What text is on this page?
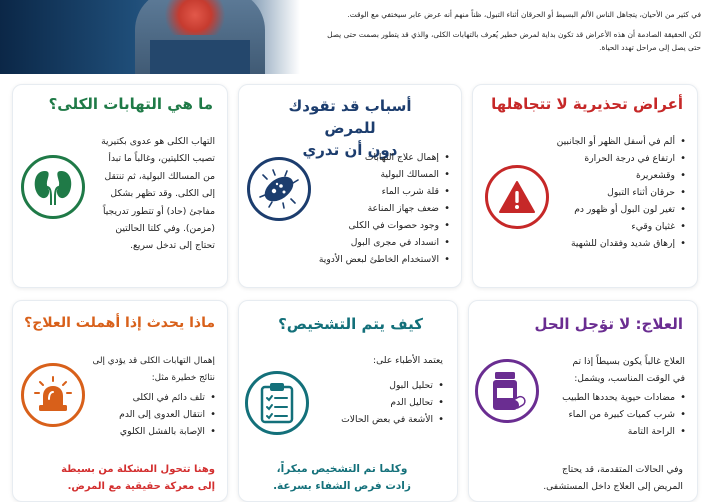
في كثير من الأحيان، يتجاهل الناس الألم البسيط أو الحرقان أثناء التبول، ظناً منهم أنه عرض عابر سيختفي مع الوقت.
لكن الحقيقة الصادمة أن هذه الأعراض قد تكون بداية لمرض خطير يُعرف بالتهابات الكلى، والذي قد يتطور بصمت حتى يصل
حتى يصل إلى مراحل تهدد الحياة.
أعراض تحذيرية لا تتجاهلها
• ألم في أسفل الظهر أو الجانبين
• ارتفاع في درجة الحرارة
• وقشعريرة
• حرقان أثناء التبول
• تغير لون البول أو ظهور دم
• غثيان وقيء
• إرهاق شديد وفقدان للشهية
أسباب قد تقودك للمرض
دون أن تدري
• إهمال علاج التهابات
• المسالك البولية
• قلة شرب الماء
• ضعف جهاز المناعة
• وجود حصوات في الكلى
• انسداد في مجرى البول
• الاستخدام الخاطئ لبعض الأدوية
ما هي التهابات الكلى؟
التهاب الكلى هو عدوى بكتيرية
تصيب الكليتين، وغالباً ما تبدأ
من المسالك البولية، ثم تنتقل
إلى الكلى. وقد تظهر بشكل
مفاجئ (حاد) أو تتطور تدريجياً
(مزمن). وفي كلتا الحالتين
تحتاج إلى تدخل سريع.
العلاج: لا تؤجل الحل

العلاج غالباً يكون بسيطاً إذا تم
في الوقت المناسب، ويشمل:

• مضادات حيوية يحددها الطبيب
• شرب كميات كبيرة من الماء
• الراحة التامة

وفي الحالات المتقدمة، قد يحتاج
المريض إلى العلاج داخل المستشفى.

كيف يتم التشخيص؟

يعتمد الأطباء على:

• تحليل البول
• تحاليل الدم
• الأشعة في بعض الحالات

وكلما تم التشخيص مبكراً،
زادت فرص الشفاء بسرعة.

ماذا يحدث إذا أهملت العلاج؟

إهمال التهابات الكلى قد يؤدي إلى
نتائج خطيرة مثل:

• تلف دائم في الكلى
• انتقال العدوى إلى الدم
• الإصابة بالفشل الكلوي

وهنا تتحول المشكلة من بسيطة
إلى معركة حقيقية مع المرض.
